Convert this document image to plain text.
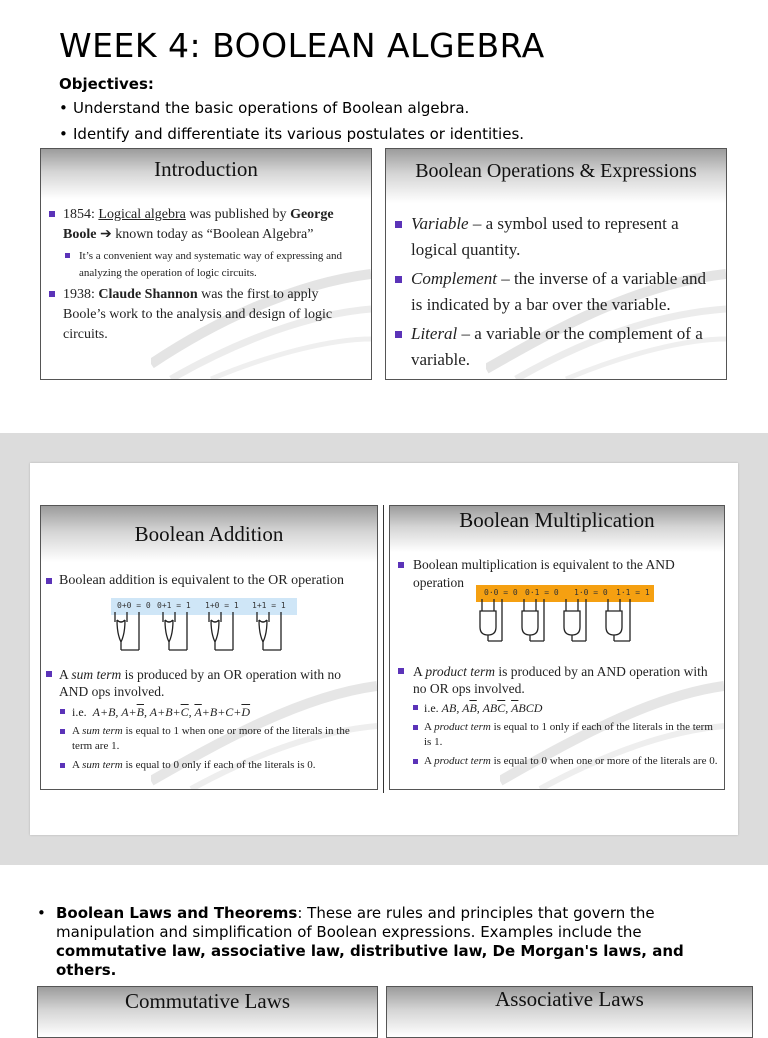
WEEK 4: BOOLEAN ALGEBRA
Objectives:
• Understand the basic operations of Boolean algebra.
• Identify and differentiate its various postulates or identities.
Introduction
1854: Logical algebra was published by George Boole ➔ known today as “Boolean Algebra”
It’s a convenient way and systematic way of expressing and analyzing the operation of logic circuits.
1938: Claude Shannon was the first to apply Boole’s work to the analysis and design of logic circuits.
Boolean Operations & Expressions
Variable – a symbol used to represent a logical quantity.
Complement – the inverse of a variable and is indicated by a bar over the variable.
Literal – a variable or the complement of a variable.
Boolean Addition
Boolean addition is equivalent to the OR operation
0+0 = 0 0+1 = 1 1+0 = 1 1+1 = 1
A sum term is produced by an OR operation with no AND ops involved.
i.e. A+B, $A+\overline{B}$, $A+B+\overline{C}$, $\overline{A}+B+C+\overline{D}$
A sum term is equal to 1 when one or more of the literals in the term are 1.
A sum term is equal to 0 only if each of the literals is 0.
Boolean Multiplication
Boolean multiplication is equivalent to the AND operation
0·0 = 0 0·1 = 0 1·0 = 0 1·1 = 1
A product term is produced by an AND operation with no OR ops involved.
i.e. AB, $A\overline{B}$, $AB\overline{C}$, $\overline{A}BCD$
A product term is equal to 1 only if each of the literals in the term is 1.
A product term is equal to 0 when one or more of the literals are 0.
• Boolean Laws and Theorems: These are rules and principles that govern the manipulation and simplification of Boolean expressions. Examples include the commutative law, associative law, distributive law, De Morgan's laws, and others.
Commutative Laws	Associative Laws
